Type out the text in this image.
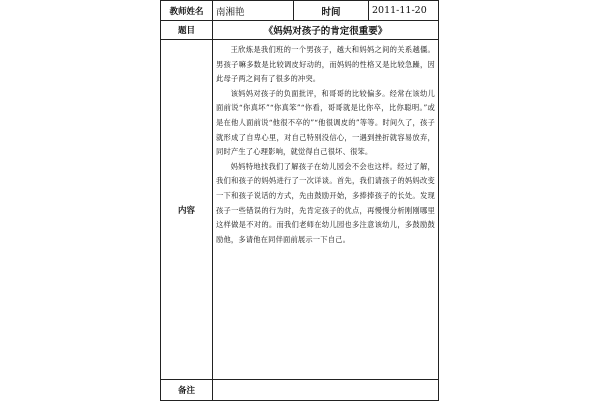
教师姓名	南湘艳	时间	2011-11-20
题目	《妈妈对孩子的肯定很重要》		
内容	王欣炼是我们班的一个男孩子，越大和妈妈之间的关系越僵。男孩子嘛多数是比较调皮好动的，而妈妈的性格又是比较急躁，因此母子两之间有了很多的冲突。

该妈妈对孩子的负面批评，和哥哥的比较偏多。经常在该幼儿面前说“你真坏”“你真笨”“你看，哥哥就是比你卒，比你聪明。”或是在他人面前说“他很不卒的”“他很调皮的”等等。时间久了，孩子就形成了自卑心里，对自己特别没信心，一遇到挫折就容易放弃，同时产生了心理影响，就觉得自己很坏、很笨。

妈妈特地找我们了解孩子在幼儿园会不会也这样。经过了解，我们和孩子的妈妈进行了一次详谈。首先，我们请孩子的妈妈改变一下和孩子说话的方式，先由鼓励开始，多捧捧孩子的长处。发现孩子一些错误的行为时，先肯定孩子的优点，再慢慢分析刚刚哪里这样做是不对的。而我们老师在幼儿园也多注意该幼儿，多鼓励鼓励他，多请他在同伴面前展示一下自己。		

备注			
